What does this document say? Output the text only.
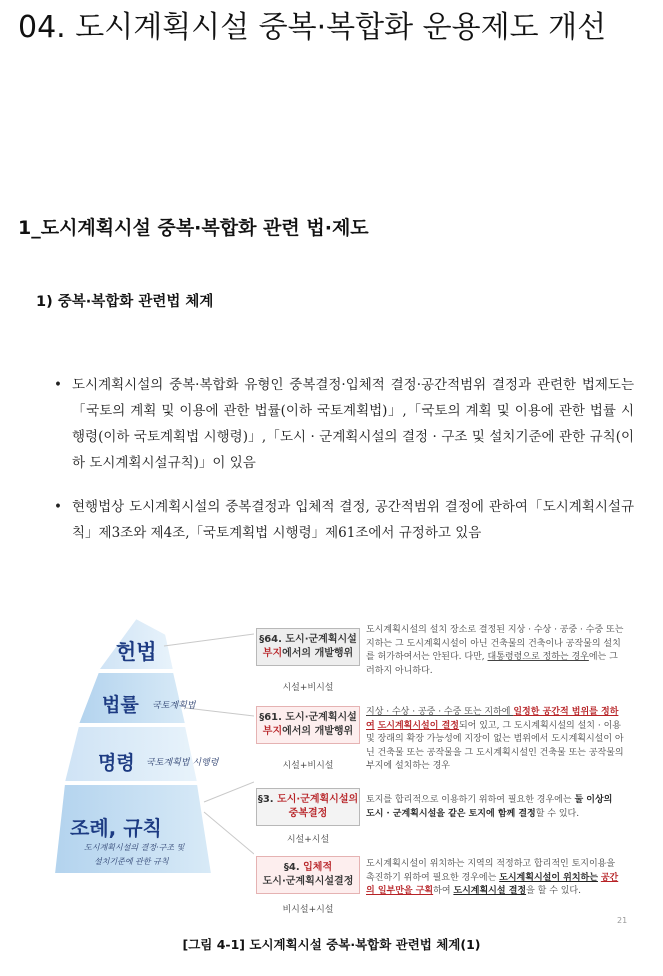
04. 도시계획시설 중복·복합화 운용제도 개선
1_도시계획시설 중복·복합화 관련 법·제도
1) 중복·복합화 관련법 체계
• 도시계획시설의 중복·복합화 유형인 중복결정·입체적 결정·공간적범위 결정과 관련한 법제도는「국토의 계획 및 이용에 관한 법률(이하 국토계획법)」,「국토의 계획 및 이용에 관한 법률 시행령(이하 국토계획법 시행령)」,「도시 · 군계획시설의 결정 · 구조 및 설치기준에 관한 규칙(이하 도시계획시설규칙)」이 있음
• 현행법상 도시계획시설의 중복결정과 입체적 결정, 공간적범위 결정에 관하여「도시계획시설규칙」제3조와 제4조,「국토계획법 시행령」제61조에서 규정하고 있음
헌법
법률
명령
조례, 규칙
국토계획법
국토계획법 시행령
도시계획시설의 결정·구조 및
설치기준에 관한 규칙
§64. 도시·군계획시설
부지에서의 개발행위
시설+비시설
§61. 도시·군계획시설
부지에서의 개발행위
시설+비시설
§3. 도시·군계획시설의
중복결정
시설+시설
§4. 입체적
도시·군계획시설결정
비시설+시설
도시계획시설의 설치 장소로 결정된 지상 · 수상 · 공중 · 수중 또는 지하는 그 도시계획시설이 아닌 건축물의 건축이나 공작물의 설치를 허가하여서는 안된다. 다만, 대통령령으로 정하는 경우에는 그러하지 아니하다.
지상 · 수상 · 공중 · 수중 또는 지하에 일정한 공간적 범위를 정하여 도시계획시설이 결정되어 있고, 그 도시계획시설의 설치 · 이용 및 장래의 확장 가능성에 지장이 없는 범위에서 도시계획시설이 아닌 건축물 또는 공작물을 그 도시계획시설인 건축물 또는 공작물의 부지에 설치하는 경우
토지를 합리적으로 이용하기 위하여 필요한 경우에는 둘 이상의 도시 · 군계획시설을 같은 토지에 함께 결정할 수 있다.
도시계획시설이 위치하는 지역의 적정하고 합리적인 토지이용을 촉진하기 위하여 필요한 경우에는 도시계획시설이 위치하는 공간의 일부만을 구획하여 도시계획시설 결정을 할 수 있다.
21
[그림 4-1] 도시계획시설 중복·복합화 관련법 체계(1)
